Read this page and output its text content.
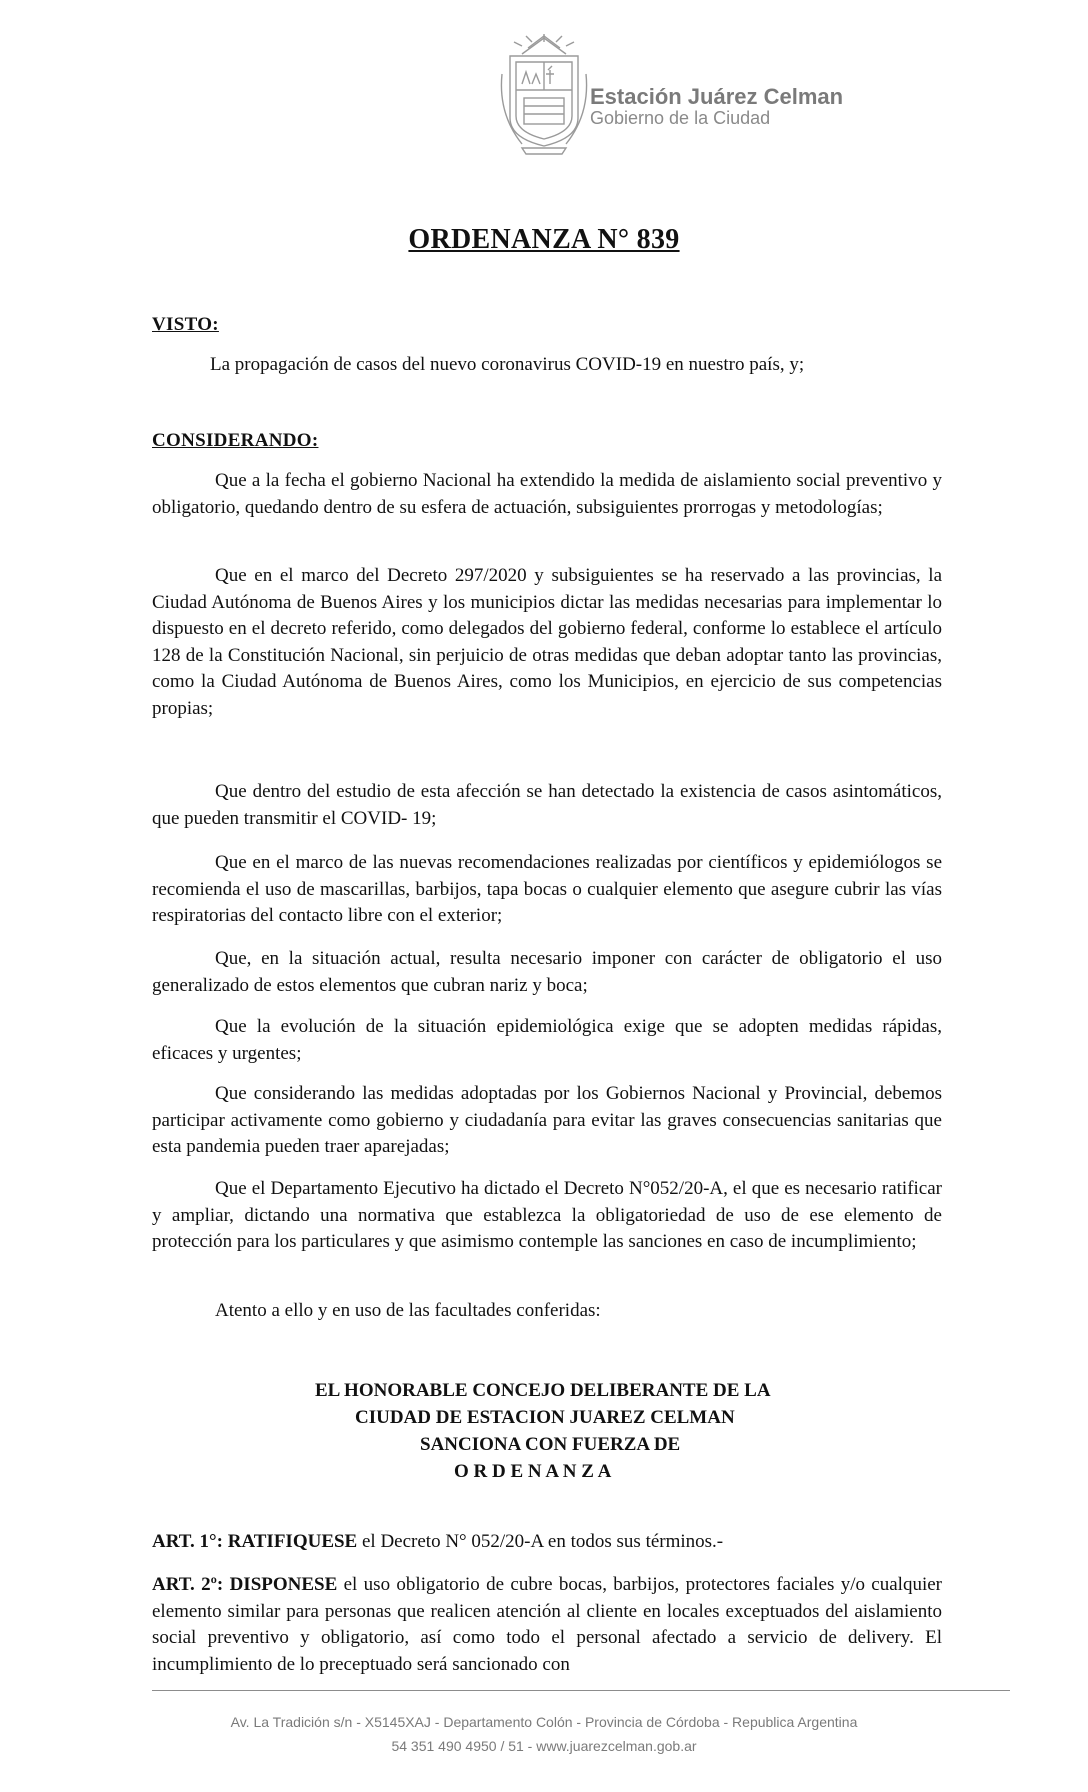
Estación Juárez Celman
Gobierno de la Ciudad
ORDENANZA N° 839
VISTO:
La propagación de casos del nuevo coronavirus COVID-19 en nuestro país, y;
CONSIDERANDO:
Que a la fecha el gobierno Nacional ha extendido la medida de aislamiento social preventivo y obligatorio, quedando dentro de su esfera de actuación, subsiguientes prorrogas y metodologías;
Que en el marco del Decreto 297/2020 y subsiguientes se ha reservado a las provincias, la Ciudad Autónoma de Buenos Aires y los municipios dictar las medidas necesarias para implementar lo dispuesto en el decreto referido, como delegados del gobierno federal, conforme lo establece el artículo 128 de la Constitución Nacional, sin perjuicio de otras medidas que deban adoptar tanto las provincias, como la Ciudad Autónoma de Buenos Aires, como los Municipios, en ejercicio de sus competencias propias;
Que dentro del estudio de esta afección se han detectado la existencia de casos asintomáticos, que pueden transmitir el COVID- 19;
Que en el marco de las nuevas recomendaciones realizadas por científicos y epidemiólogos se recomienda el uso de mascarillas, barbijos, tapa bocas o cualquier elemento que asegure cubrir las vías respiratorias del contacto libre con el exterior;
Que, en la situación actual, resulta necesario imponer con carácter de obligatorio el uso generalizado de estos elementos que cubran nariz y boca;
Que la evolución de la situación epidemiológica exige que se adopten medidas rápidas, eficaces y urgentes;
Que considerando las medidas adoptadas por los Gobiernos Nacional y Provincial, debemos participar activamente como gobierno y ciudadanía para evitar las graves consecuencias sanitarias que esta pandemia pueden traer aparejadas;
Que el Departamento Ejecutivo ha dictado el Decreto N°052/20-A, el que es necesario ratificar y ampliar, dictando una normativa que establezca la obligatoriedad de uso de ese elemento de protección para los particulares y que asimismo contemple las sanciones en caso de incumplimiento;
Atento a ello y en uso de las facultades conferidas:
EL HONORABLE CONCEJO DELIBERANTE DE LA
CIUDAD DE ESTACION JUAREZ CELMAN
SANCIONA CON FUERZA DE
O R D E N A N Z A
ART. 1°: RATIFIQUESE el Decreto N° 052/20-A en todos sus términos.-
ART. 2º: DISPONESE el uso obligatorio de cubre bocas, barbijos, protectores faciales y/o cualquier elemento similar para personas que realicen atención al cliente en locales exceptuados del aislamiento social preventivo y obligatorio, así como todo el personal afectado a servicio de delivery. El incumplimiento de lo preceptuado será sancionado con
Av. La Tradición s/n - X5145XAJ - Departamento Colón - Provincia de Córdoba - Republica Argentina
54 351 490 4950 / 51 - www.juarezcelman.gob.ar
